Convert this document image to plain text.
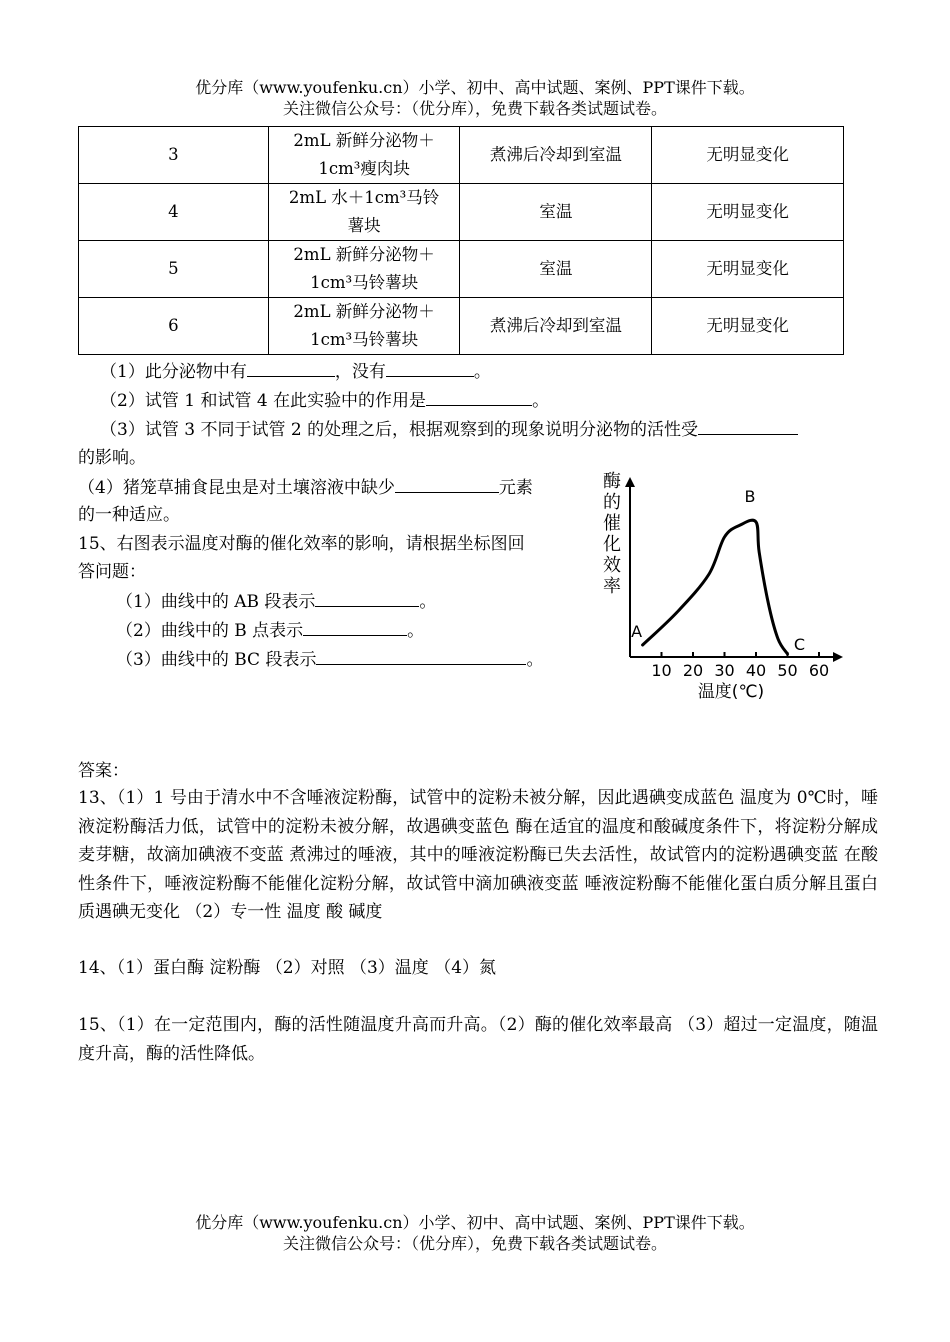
优分库（www.youfenku.cn）小学、初中、高中试题、案例、PPT课件下载。
关注微信公众号：（优分库），免费下载各类试题试卷。
3	2mL 新鲜分泌物＋
1cm³瘦肉块	煮沸后冷却到室温	无明显变化
4	2mL 水＋1cm³马铃
薯块	室温	无明显变化
5	2mL 新鲜分泌物＋
1cm³马铃薯块	室温	无明显变化
6	2mL 新鲜分泌物＋
1cm³马铃薯块	煮沸后冷却到室温	无明显变化
（1）此分泌物中有	，没有	。
（2）试管 1 和试管 4 在此实验中的作用是	。
（3）试管 3 不同于试管 2 的处理之后，根据观察到的现象说明分泌物的活性受
的影响。
（4）猪笼草捕食昆虫是对土壤溶液中缺少	元素
的一种适应。
15、右图表示温度对酶的催化效率的影响，请根据坐标图回
答问题：
（1）曲线中的 AB 段表示	。
（2）曲线中的 B 点表示	。
（3）曲线中的 BC 段表示	。
酶
的
催
化
效
率
10 20 30 40 50 60
A
B
C
温度(℃)
答案：
13、（1）1 号由于清水中不含唾液淀粉酶，试管中的淀粉未被分解，因此遇碘变成蓝色 温度为 0℃时，唾液淀粉酶活力低，试管中的淀粉未被分解，故遇碘变蓝色 酶在适宜的温度和酸碱度条件下，将淀粉分解成麦芽糖，故滴加碘液不变蓝 煮沸过的唾液，其中的唾液淀粉酶已失去活性，故试管内的淀粉遇碘变蓝 在酸性条件下，唾液淀粉酶不能催化淀粉分解，故试管中滴加碘液变蓝 唾液淀粉酶不能催化蛋白质分解且蛋白质遇碘无变化 （2）专一性 温度 酸 碱度
14、（1）蛋白酶 淀粉酶 （2）对照 （3）温度 （4）氮
15、（1）在一定范围内，酶的活性随温度升高而升高。（2）酶的催化效率最高 （3）超过一定温度，随温度升高，酶的活性降低。
优分库（www.youfenku.cn）小学、初中、高中试题、案例、PPT课件下载。
关注微信公众号：（优分库），免费下载各类试题试卷。
